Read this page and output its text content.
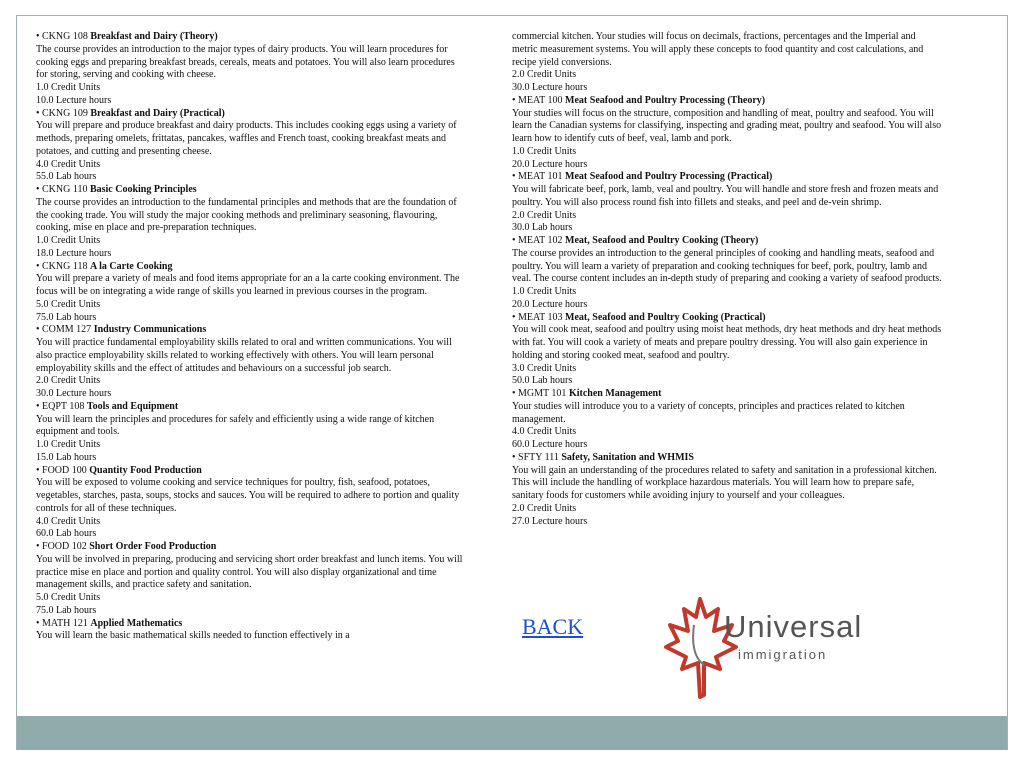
• CKNG 108 Breakfast and Dairy (Theory)

The course provides an introduction to the major types of dairy products. You will learn procedures for cooking eggs and preparing breakfast breads, cereals, meats and potatoes. You will also learn procedures for storing, serving and cooking with cheese.

1.0 Credit Units

10.0 Lecture hours

• CKNG 109 Breakfast and Dairy (Practical)

You will prepare and produce breakfast and dairy products. This includes cooking eggs using a variety of methods, preparing omelets, frittatas, pancakes, waffles and French toast, cooking breakfast meats and potatoes, and cutting and presenting cheese.

4.0 Credit Units

55.0 Lab hours

• CKNG 110 Basic Cooking Principles

The course provides an introduction to the fundamental principles and methods that are the foundation of the cooking trade. You will study the major cooking methods and preliminary seasoning, flavouring, cooking, mise en place and pre-preparation techniques.

1.0 Credit Units

18.0 Lecture hours

• CKNG 118 A la Carte Cooking

You will prepare a variety of meals and food items appropriate for an a la carte cooking environment. The focus will be on integrating a wide range of skills you learned in previous courses in the program.

5.0 Credit Units

75.0 Lab hours

• COMM 127 Industry Communications

You will practice fundamental employability skills related to oral and written communications. You will also practice employability skills related to working effectively with others. You will learn personal employability skills and the effect of attitudes and behaviours on a successful job search.

2.0 Credit Units

30.0 Lecture hours

• EQPT 108 Tools and Equipment

You will learn the principles and procedures for safely and efficiently using a wide range of kitchen equipment and tools.

1.0 Credit Units

15.0 Lab hours

• FOOD 100 Quantity Food Production

You will be exposed to volume cooking and service techniques for poultry, fish, seafood, potatoes, vegetables, starches, pasta, soups, stocks and sauces. You will be required to adhere to portion and quality controls for all of these techniques.

4.0 Credit Units

60.0 Lab hours

• FOOD 102 Short Order Food Production

You will be involved in preparing, producing and servicing short order breakfast and lunch items. You will practice mise en place and portion and quality control. You will also display organizational and time management skills, and practice safety and sanitation.

5.0 Credit Units

75.0 Lab hours

• MATH 121 Applied Mathematics

You will learn the basic mathematical skills needed to function effectively in a

commercial kitchen. Your studies will focus on decimals, fractions, percentages and the Imperial and metric measurement systems. You will apply these concepts to food quantity and cost calculations, and recipe yield conversions.

2.0 Credit Units

30.0 Lecture hours

• MEAT 100 Meat Seafood and Poultry Processing (Theory)

Your studies will focus on the structure, composition and handling of meat, poultry and seafood. You will learn the Canadian systems for classifying, inspecting and grading meat, poultry and seafood. You will also learn how to identify cuts of beef, veal, lamb and pork.

1.0 Credit Units

20.0 Lecture hours

• MEAT 101 Meat Seafood and Poultry Processing (Practical)

You will fabricate beef, pork, lamb, veal and poultry. You will handle and store fresh and frozen meats and poultry. You will also process round fish into fillets and steaks, and peel and de-vein shrimp.

2.0 Credit Units

30.0 Lab hours

• MEAT 102 Meat, Seafood and Poultry Cooking (Theory)

The course provides an introduction to the general principles of cooking and handling meats, seafood and poultry. You will learn a variety of preparation and cooking techniques for beef, pork, poultry, lamb and veal. The course content includes an in-depth study of preparing and cooking a variety of seafood products.

1.0 Credit Units

20.0 Lecture hours

• MEAT 103 Meat, Seafood and Poultry Cooking (Practical)

You will cook meat, seafood and poultry using moist heat methods, dry heat methods and dry heat methods with fat. You will cook a variety of meats and prepare poultry dressing. You will also gain experience in holding and storing cooked meat, seafood and poultry.

3.0 Credit Units

50.0 Lab hours

• MGMT 101 Kitchen Management

Your studies will introduce you to a variety of concepts, principles and practices related to kitchen management.

4.0 Credit Units

60.0 Lecture hours

• SFTY 111 Safety, Sanitation and WHMIS

You will gain an understanding of the procedures related to safety and sanitation in a professional kitchen. This will include the handling of workplace hazardous materials. You will learn how to prepare safe, sanitary foods for customers while avoiding injury to yourself and your colleagues.

2.0 Credit Units

27.0 Lecture hours

BACK	Universal
immigration
